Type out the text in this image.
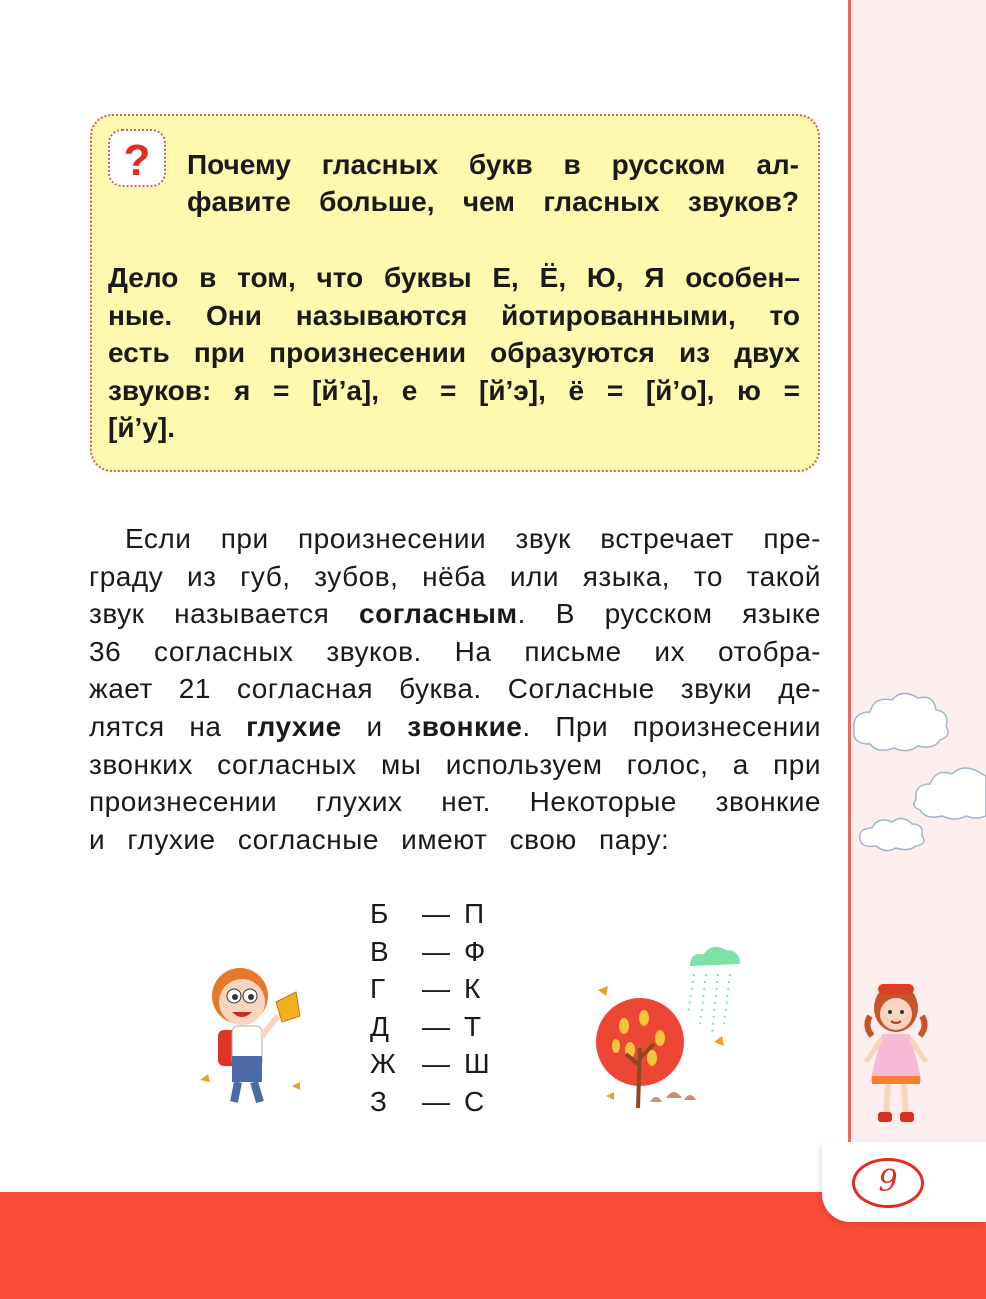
9
? Почему гласных букв в русском ал-
фавите больше, чем гласных звуков?
Дело в том, что буквы Е, Ё, Ю, Я особен–
ные. Они называются йотированными, то
есть при произнесении образуются из двух
звуков: я = [й’а], е = [й’э], ё = [й’о], ю =
[й’у].
Если при произнесении звук встречает пре-
граду из губ, зубов, нёба или языка, то такой
звук называется согласным. В русском языке
36 согласных звуков. На письме их отобра-
жает 21 согласная буква. Согласные звуки де-
лятся на глухие и звонкие. При произнесении
звонких согласных мы используем голос, а при
произнесении глухих нет. Некоторые звонкие
и глухие согласные имеют свою пару:
Б	— П
В	— Ф
Г	— К
Д	— Т
Ж — Ш
З	— С
